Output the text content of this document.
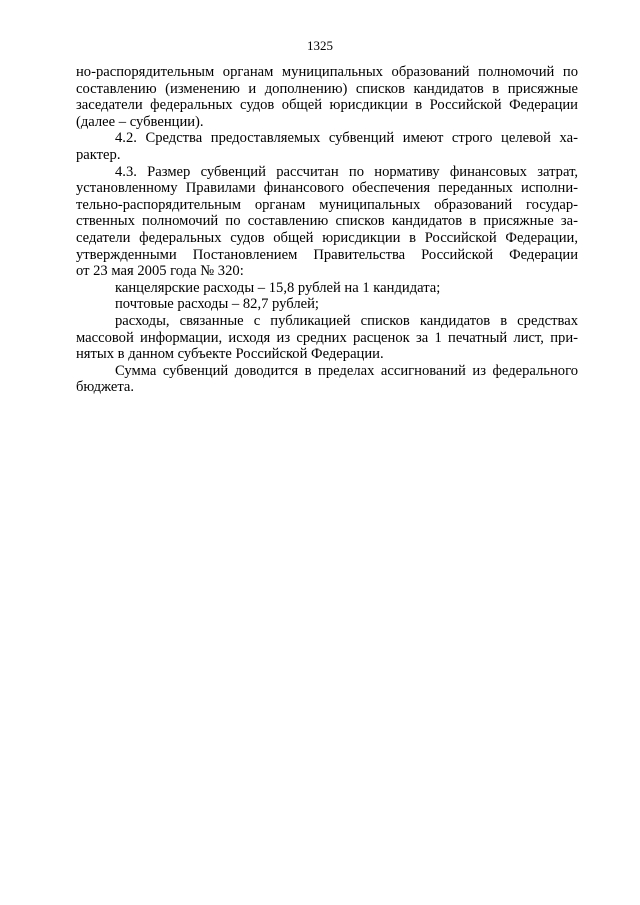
1325
но-распорядительным органам муниципальных образований полномочий по
составлению (изменению и дополнению) списков кандидатов в присяжные
заседатели федеральных судов общей юрисдикции в Российской Федерации
(далее – субвенции).
4.2. Средства предоставляемых субвенций имеют строго целевой ха-
рактер.
4.3. Размер субвенций рассчитан по нормативу финансовых затрат,
установленному Правилами финансового обеспечения переданных исполни-
тельно-распорядительным органам муниципальных образований государ-
ственных полномочий по составлению списков кандидатов в присяжные за-
седатели федеральных судов общей юрисдикции в Российской Федерации,
утвержденными Постановлением Правительства Российской Федерации
от 23 мая 2005 года № 320:
канцелярские расходы – 15,8 рублей на 1 кандидата;
почтовые расходы – 82,7 рублей;
расходы, связанные с публикацией списков кандидатов в средствах
массовой информации, исходя из средних расценок за 1 печатный лист, при-
нятых в данном субъекте Российской Федерации.
Сумма субвенций доводится в пределах ассигнований из федерального
бюджета.
